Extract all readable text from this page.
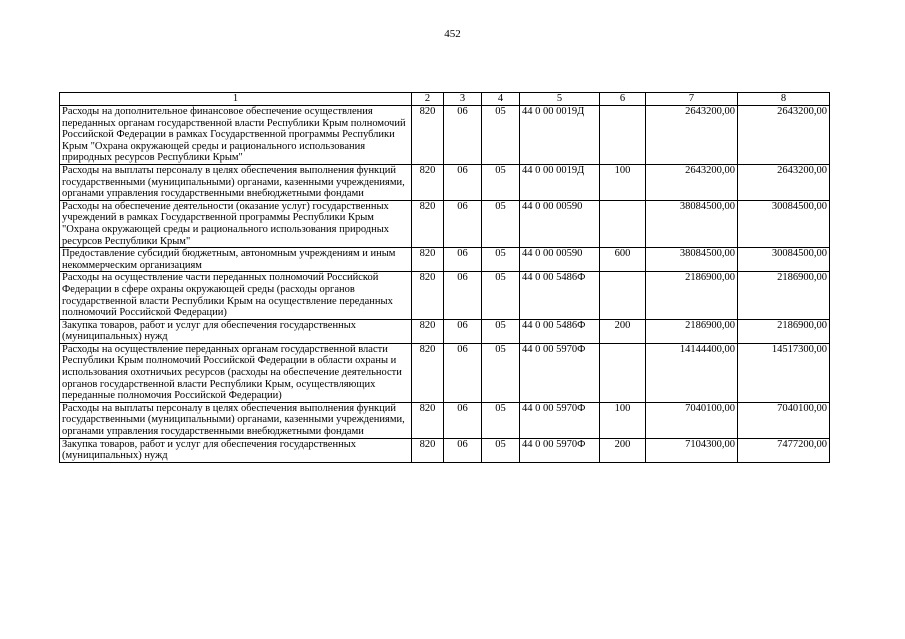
452
1	2	3	4	5	6	7	8
Расходы на дополнительное финансовое обеспечение осуществления переданных органам государственной власти Республики Крым полномочий Российской Федерации в рамках Государственной программы Республики Крым "Охрана окружающей среды и рационального использования природных ресурсов Республики Крым"	820	06	05	44 0 00 0019Д		2643200,00	2643200,00
Расходы на выплаты персоналу в целях обеспечения выполнения функций государственными (муниципальными) органами, казенными учреждениями, органами управления государственными внебюджетными фондами	820	06	05	44 0 00 0019Д	100	2643200,00	2643200,00
Расходы на обеспечение деятельности (оказание услуг) государственных учреждений в рамках Государственной программы Республики Крым "Охрана окружающей среды и рационального использования природных ресурсов Республики Крым"	820	06	05	44 0 00 00590		38084500,00	30084500,00
Предоставление субсидий бюджетным, автономным учреждениям и иным некоммерческим организациям	820	06	05	44 0 00 00590	600	38084500,00	30084500,00
Расходы на осуществление части переданных полномочий Российской Федерации в сфере охраны окружающей среды (расходы органов государственной власти Республики Крым на осуществление переданных полномочий Российской Федерации)	820	06	05	44 0 00 5486Ф		2186900,00	2186900,00
Закупка товаров, работ и услуг для обеспечения государственных (муниципальных) нужд	820	06	05	44 0 00 5486Ф	200	2186900,00	2186900,00
Расходы на осуществление переданных органам государственной власти Республики Крым полномочий Российской Федерации в области охраны и использования охотничьих ресурсов (расходы на обеспечение деятельности органов государственной власти Республики Крым, осуществляющих переданные полномочия Российской Федерации)	820	06	05	44 0 00 5970Ф		14144400,00	14517300,00
Расходы на выплаты персоналу в целях обеспечения выполнения функций государственными (муниципальными) органами, казенными учреждениями, органами управления государственными внебюджетными фондами	820	06	05	44 0 00 5970Ф	100	7040100,00	7040100,00
Закупка товаров, работ и услуг для обеспечения государственных (муниципальных) нужд	820	06	05	44 0 00 5970Ф	200	7104300,00	7477200,00
